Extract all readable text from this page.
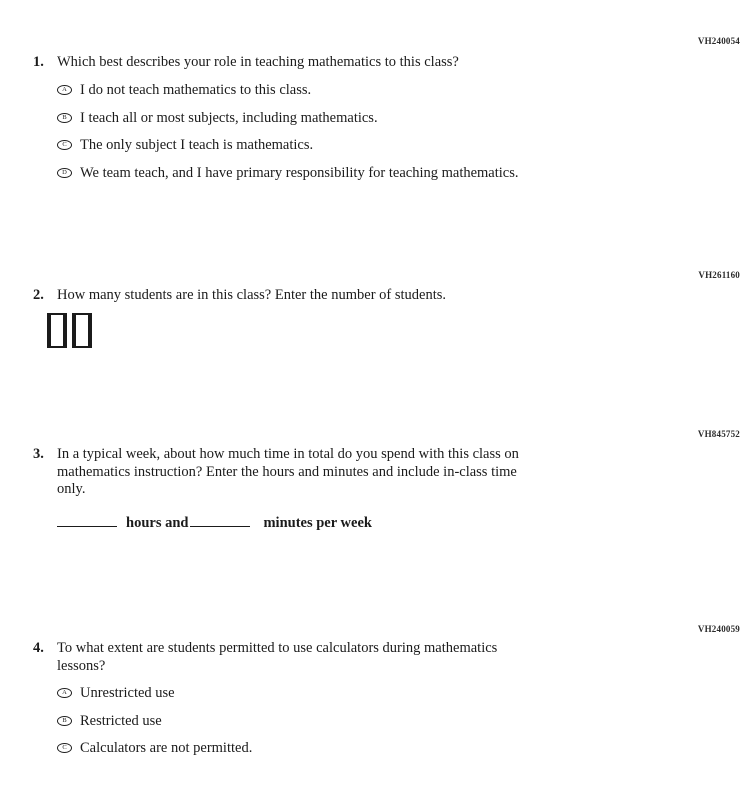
VH240054
1. Which best describes your role in teaching mathematics to this class?
A I do not teach mathematics to this class.
B I teach all or most subjects, including mathematics.
C The only subject I teach is mathematics.
D We team teach, and I have primary responsibility for teaching mathematics.
VH261160
2. How many students are in this class? Enter the number of students.
VH845752
3. In a typical week, about how much time in total do you spend with this class on
mathematics instruction? Enter the hours and minutes and include in-class time
only.
hours and	minutes per week
VH240059
4. To what extent are students permitted to use calculators during mathematics
lessons?
A Unrestricted use
B Restricted use
C Calculators are not permitted.
